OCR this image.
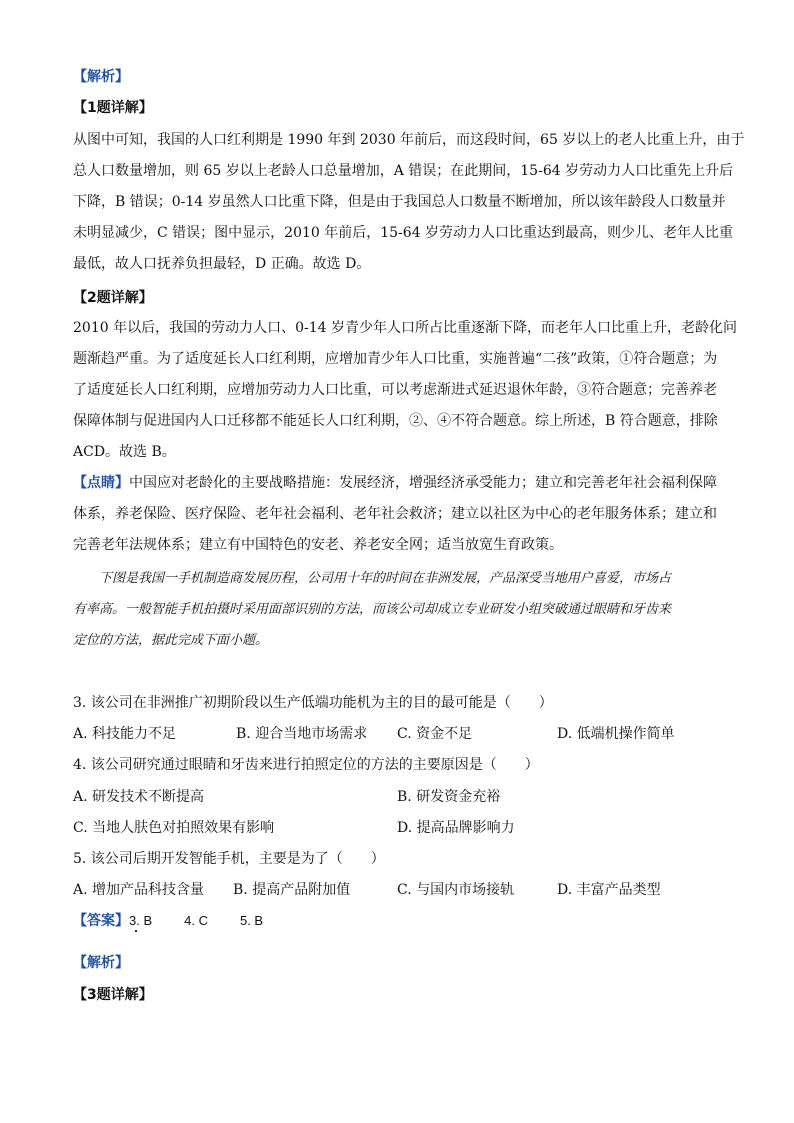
【解析】
【1题详解】

从图中可知，我国的人口红利期是 1990 年到 2030 年前后，而这段时间，65 岁以上的老人比重上升，由于

总人口数量增加，则 65 岁以上老龄人口总量增加，A 错误；在此期间，15-64 岁劳动力人口比重先上升后

下降，B 错误；0-14 岁虽然人口比重下降，但是由于我国总人口数量不断增加，所以该年龄段人口数量并

未明显减少，C 错误；图中显示，2010 年前后，15-64 岁劳动力人口比重达到最高，则少儿、老年人比重

最低，故人口抚养负担最轻，D 正确。故选 D。

【2题详解】

2010 年以后，我国的劳动力人口、0-14 岁青少年人口所占比重逐渐下降，而老年人口比重上升，老龄化问

题渐趋严重。为了适度延长人口红利期，应增加青少年人口比重，实施普遍“二孩”政策，①符合题意；为

了适度延长人口红利期，应增加劳动力人口比重，可以考虑渐进式延迟退休年龄，③符合题意；完善养老

保障体制与促进国内人口迁移都不能延长人口红利期，②、④不符合题意。综上所述，B 符合题意，排除

ACD。故选 B。

【点睛】中国应对老龄化的主要战略措施：发展经济，增强经济承受能力；建立和完善老年社会福利保障

体系，养老保险、医疗保险、老年社会福利、老年社会救济；建立以社区为中心的老年服务体系；建立和

完善老年法规体系；建立有中国特色的安老、养老安全网；适当放宽生育政策。

下图是我国一手机制造商发展历程，公司用十年的时间在非洲发展，产品深受当地用户喜爱，市场占

有率高。一般智能手机拍摄时采用面部识别的方法，而该公司却成立专业研发小组突破通过眼睛和牙齿来

定位的方法，据此完成下面小题。

3. 该公司在非洲推广初期阶段以生产低端功能机为主的目的最可能是（　　）
A. 科技能力不足	B. 迎合当地市场需求 C. 资金不足	D. 低端机操作简单
4. 该公司研究通过眼睛和牙齿来进行拍照定位的方法的主要原因是（　　）
A. 研发技术不断提高	B. 研发资金充裕
C. 当地人肤色对拍照效果有影响	D. 提高品牌影响力
5. 该公司后期开发智能手机，主要是为了（　　）
A. 增加产品科技含量 B. 提高产品附加值	C. 与国内市场接轨	D. 丰富产品类型
【答案】3. B 4. C 5. B
【解析】
【3题详解】
